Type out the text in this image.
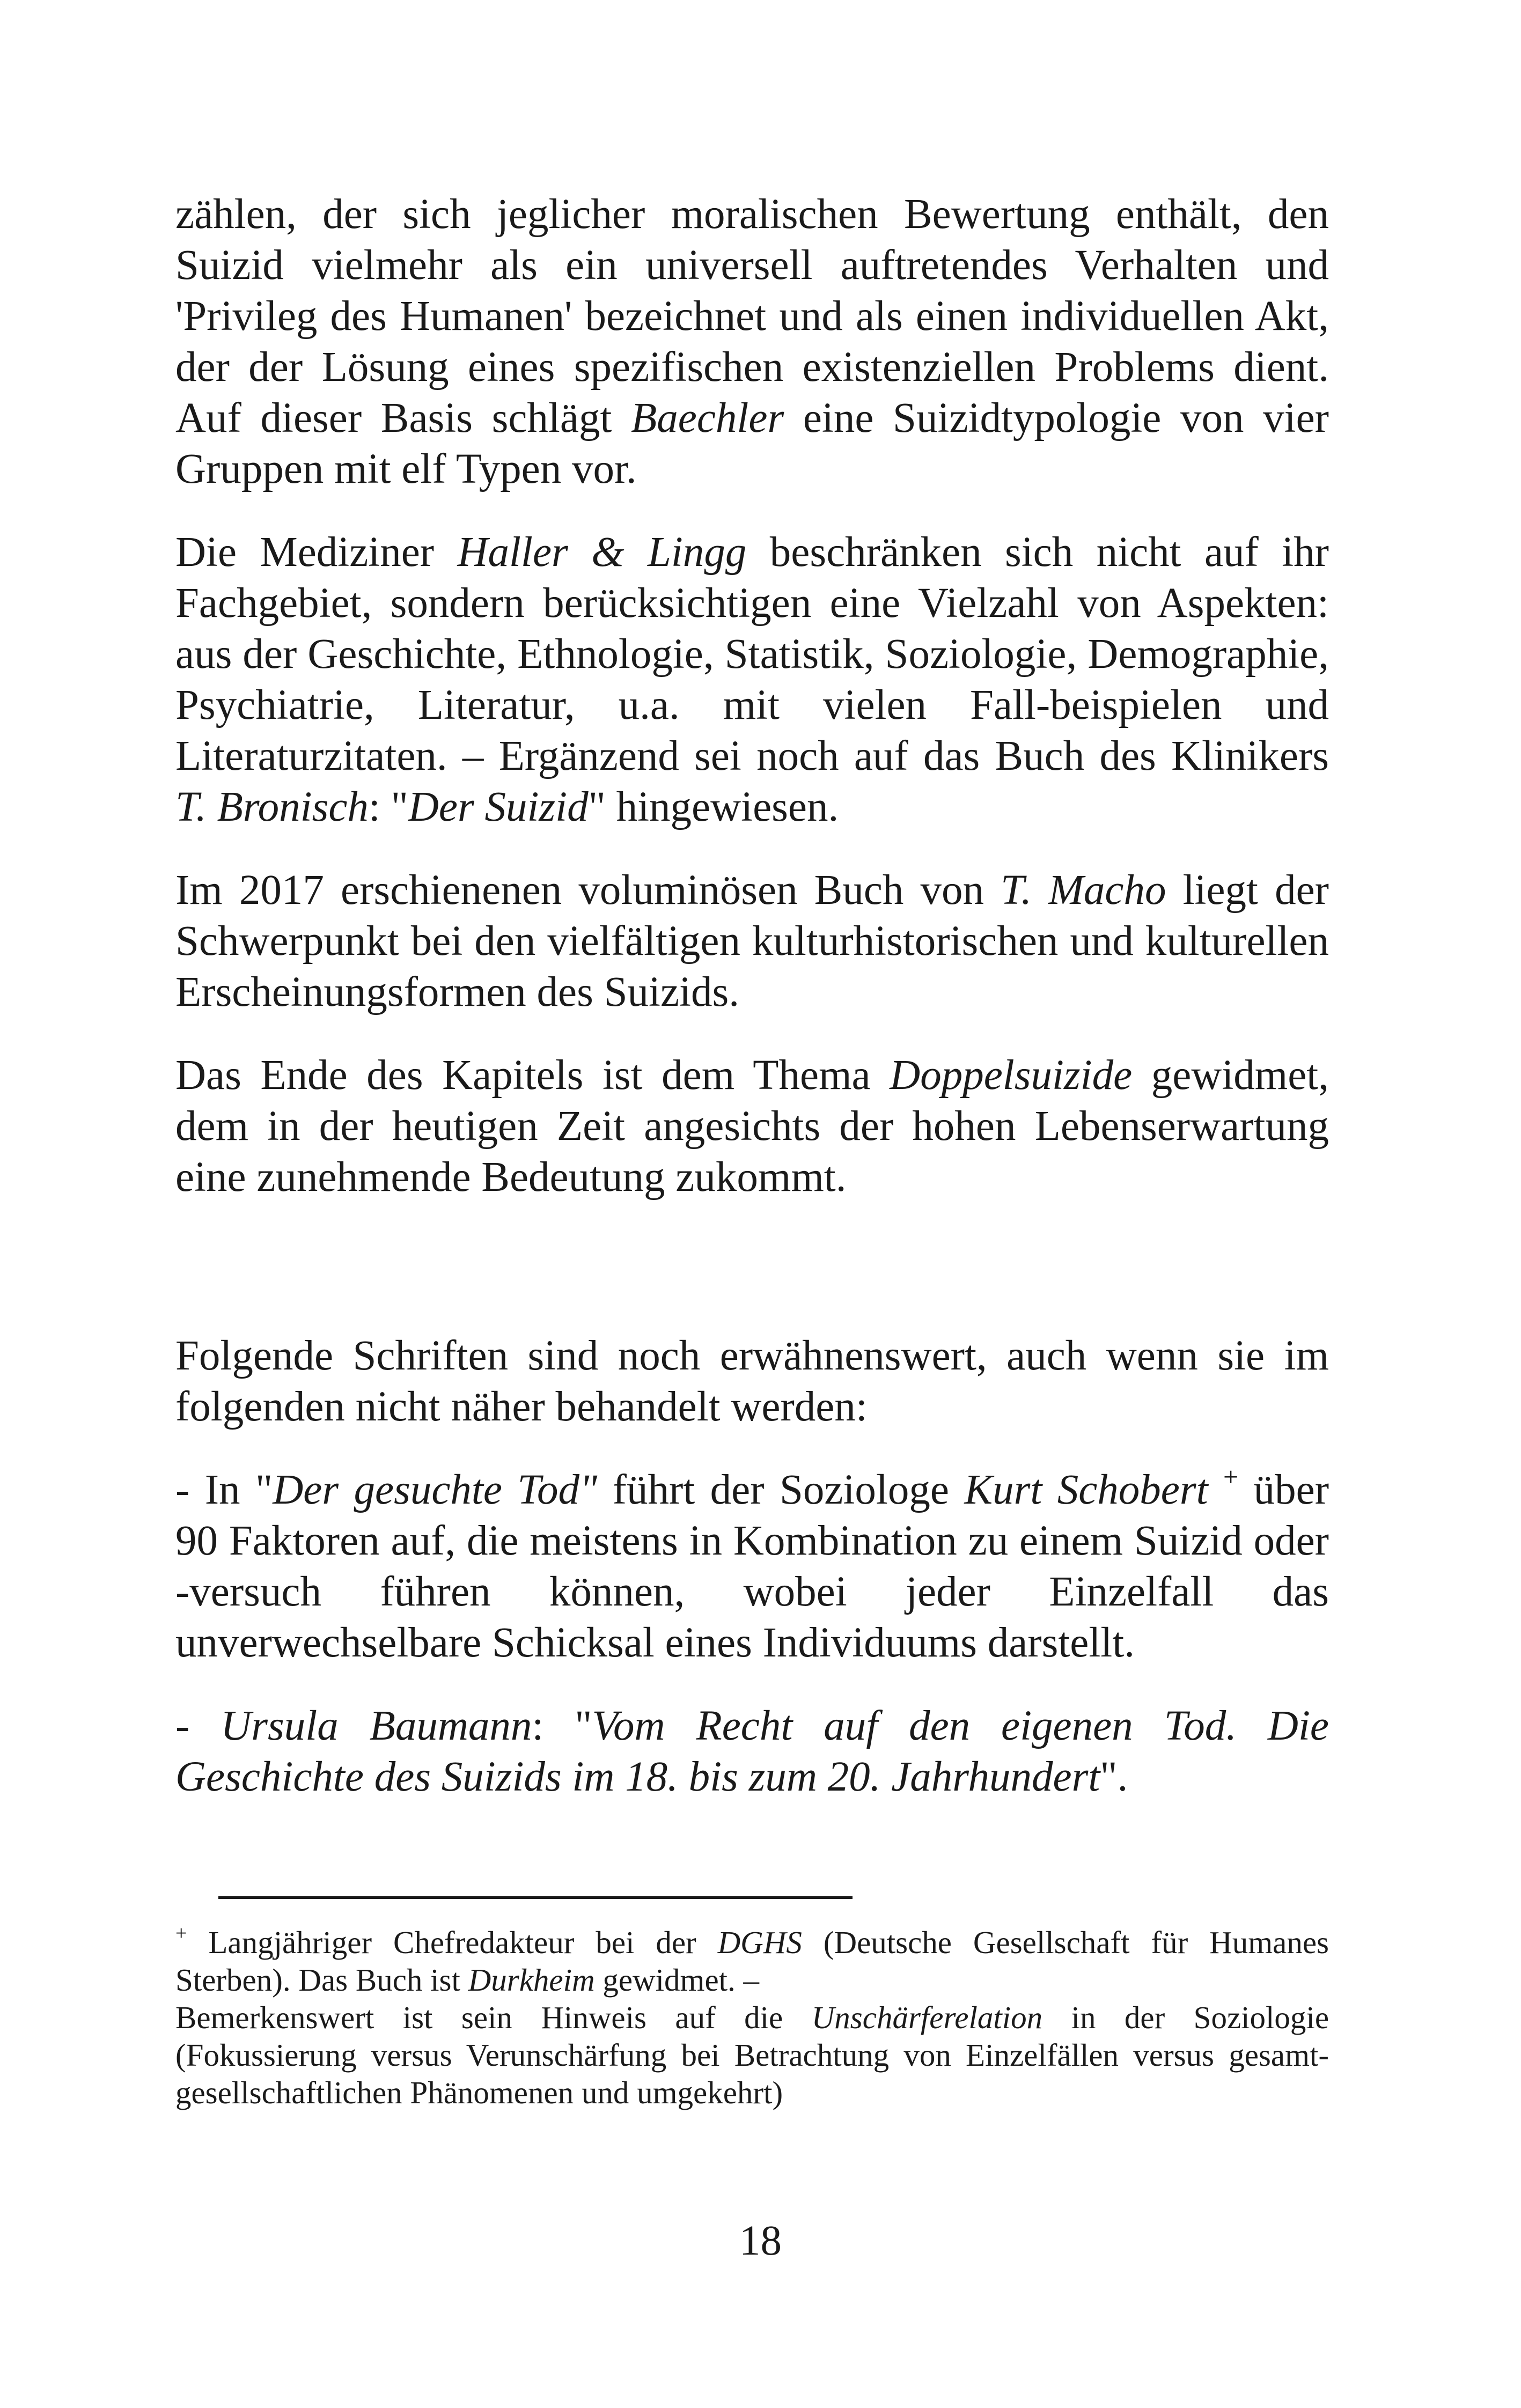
zählen, der sich jeglicher moralischen Bewertung enthält, den Suizid vielmehr als ein universell auftretendes Verhalten und 'Privileg des Humanen' bezeichnet und als einen individuellen Akt, der der Lösung eines spezifischen existenziellen Problems dient. Auf dieser Basis schlägt Baechler eine Suizidtypologie von vier Gruppen mit elf Typen vor.

Die Mediziner Haller & Lingg beschränken sich nicht auf ihr Fachgebiet, sondern berücksichtigen eine Vielzahl von Aspekten: aus der Geschichte, Ethnologie, Statistik, Soziologie, Demographie, Psychiatrie, Literatur, u.a. mit vielen Fall-beispielen und Literaturzitaten. – Ergänzend sei noch auf das Buch des Klinikers T. Bronisch: "Der Suizid" hingewiesen.

Im 2017 erschienenen voluminösen Buch von T. Macho liegt der Schwerpunkt bei den vielfältigen kulturhistorischen und kulturellen Erscheinungsformen des Suizids.

Das Ende des Kapitels ist dem Thema Doppelsuizide gewidmet, dem in der heutigen Zeit angesichts der hohen Lebenserwartung eine zunehmende Bedeutung zukommt.

Folgende Schriften sind noch erwähnenswert, auch wenn sie im folgenden nicht näher behandelt werden:

- In "Der gesuchte Tod" führt der Soziologe Kurt Schobert + über 90 Faktoren auf, die meistens in Kombination zu einem Suizid oder -versuch führen können, wobei jeder Einzelfall das unverwechselbare Schicksal eines Individuums darstellt.

- Ursula Baumann: "Vom Recht auf den eigenen Tod. Die Geschichte des Suizids im 18. bis zum 20. Jahrhundert".

+ Langjähriger Chefredakteur bei der DGHS (Deutsche Gesellschaft für Humanes Sterben). Das Buch ist Durkheim gewidmet. –

Bemerkenswert ist sein Hinweis auf die Unschärferelation in der Soziologie (Fokussierung versus Verunschärfung bei Betrachtung von Einzelfällen versus gesamt-gesellschaftlichen Phänomenen und umgekehrt)

18
